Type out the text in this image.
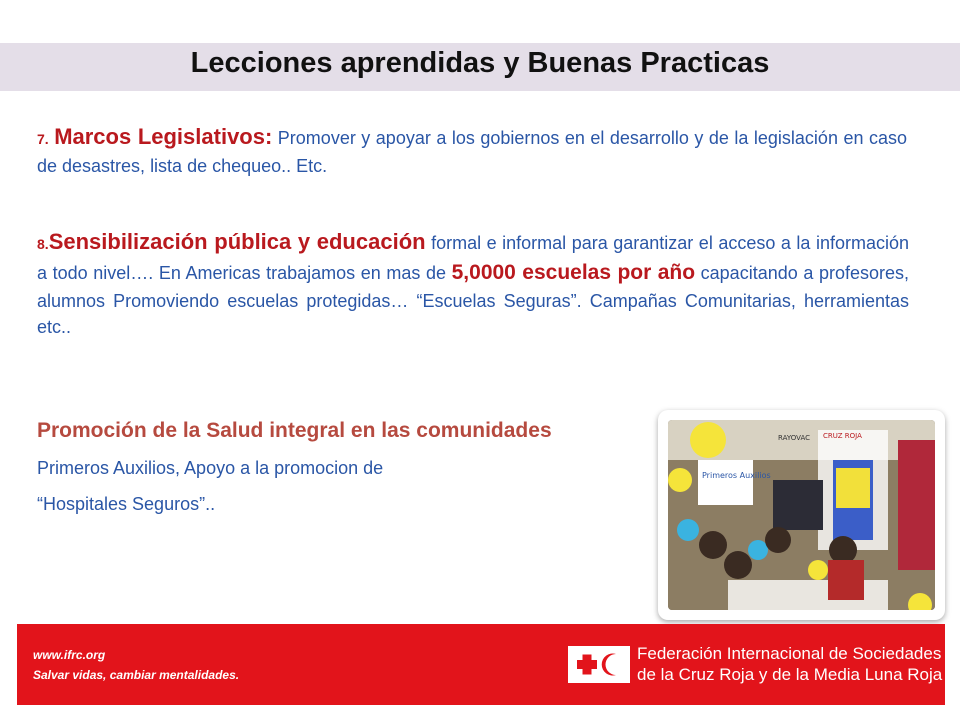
Lecciones aprendidas y Buenas Practicas
7. Marcos Legislativos: Promover y apoyar a los gobiernos en el desarrollo y de la legislación en caso de desastres, lista de chequeo.. Etc.
8.Sensibilización pública y educación formal e informal para garantizar el acceso a la información a todo nivel…. En Americas trabajamos en mas de 5,0000 escuelas por año capacitando a profesores, alumnos Promoviendo escuelas protegidas… “Escuelas Seguras”. Campañas Comunitarias, herramientas etc..
Promoción de la Salud integral en las comunidades
Primeros Auxilios, Apoyo a la promocion de
“Hospitales Seguros”..
Primeros Auxilios
RAYOVAC CRUZ ROJA
www.ifrc.org
Salvar vidas, cambiar mentalidades.
Federación Internacional de Sociedades
de la Cruz Roja y de la Media Luna Roja
